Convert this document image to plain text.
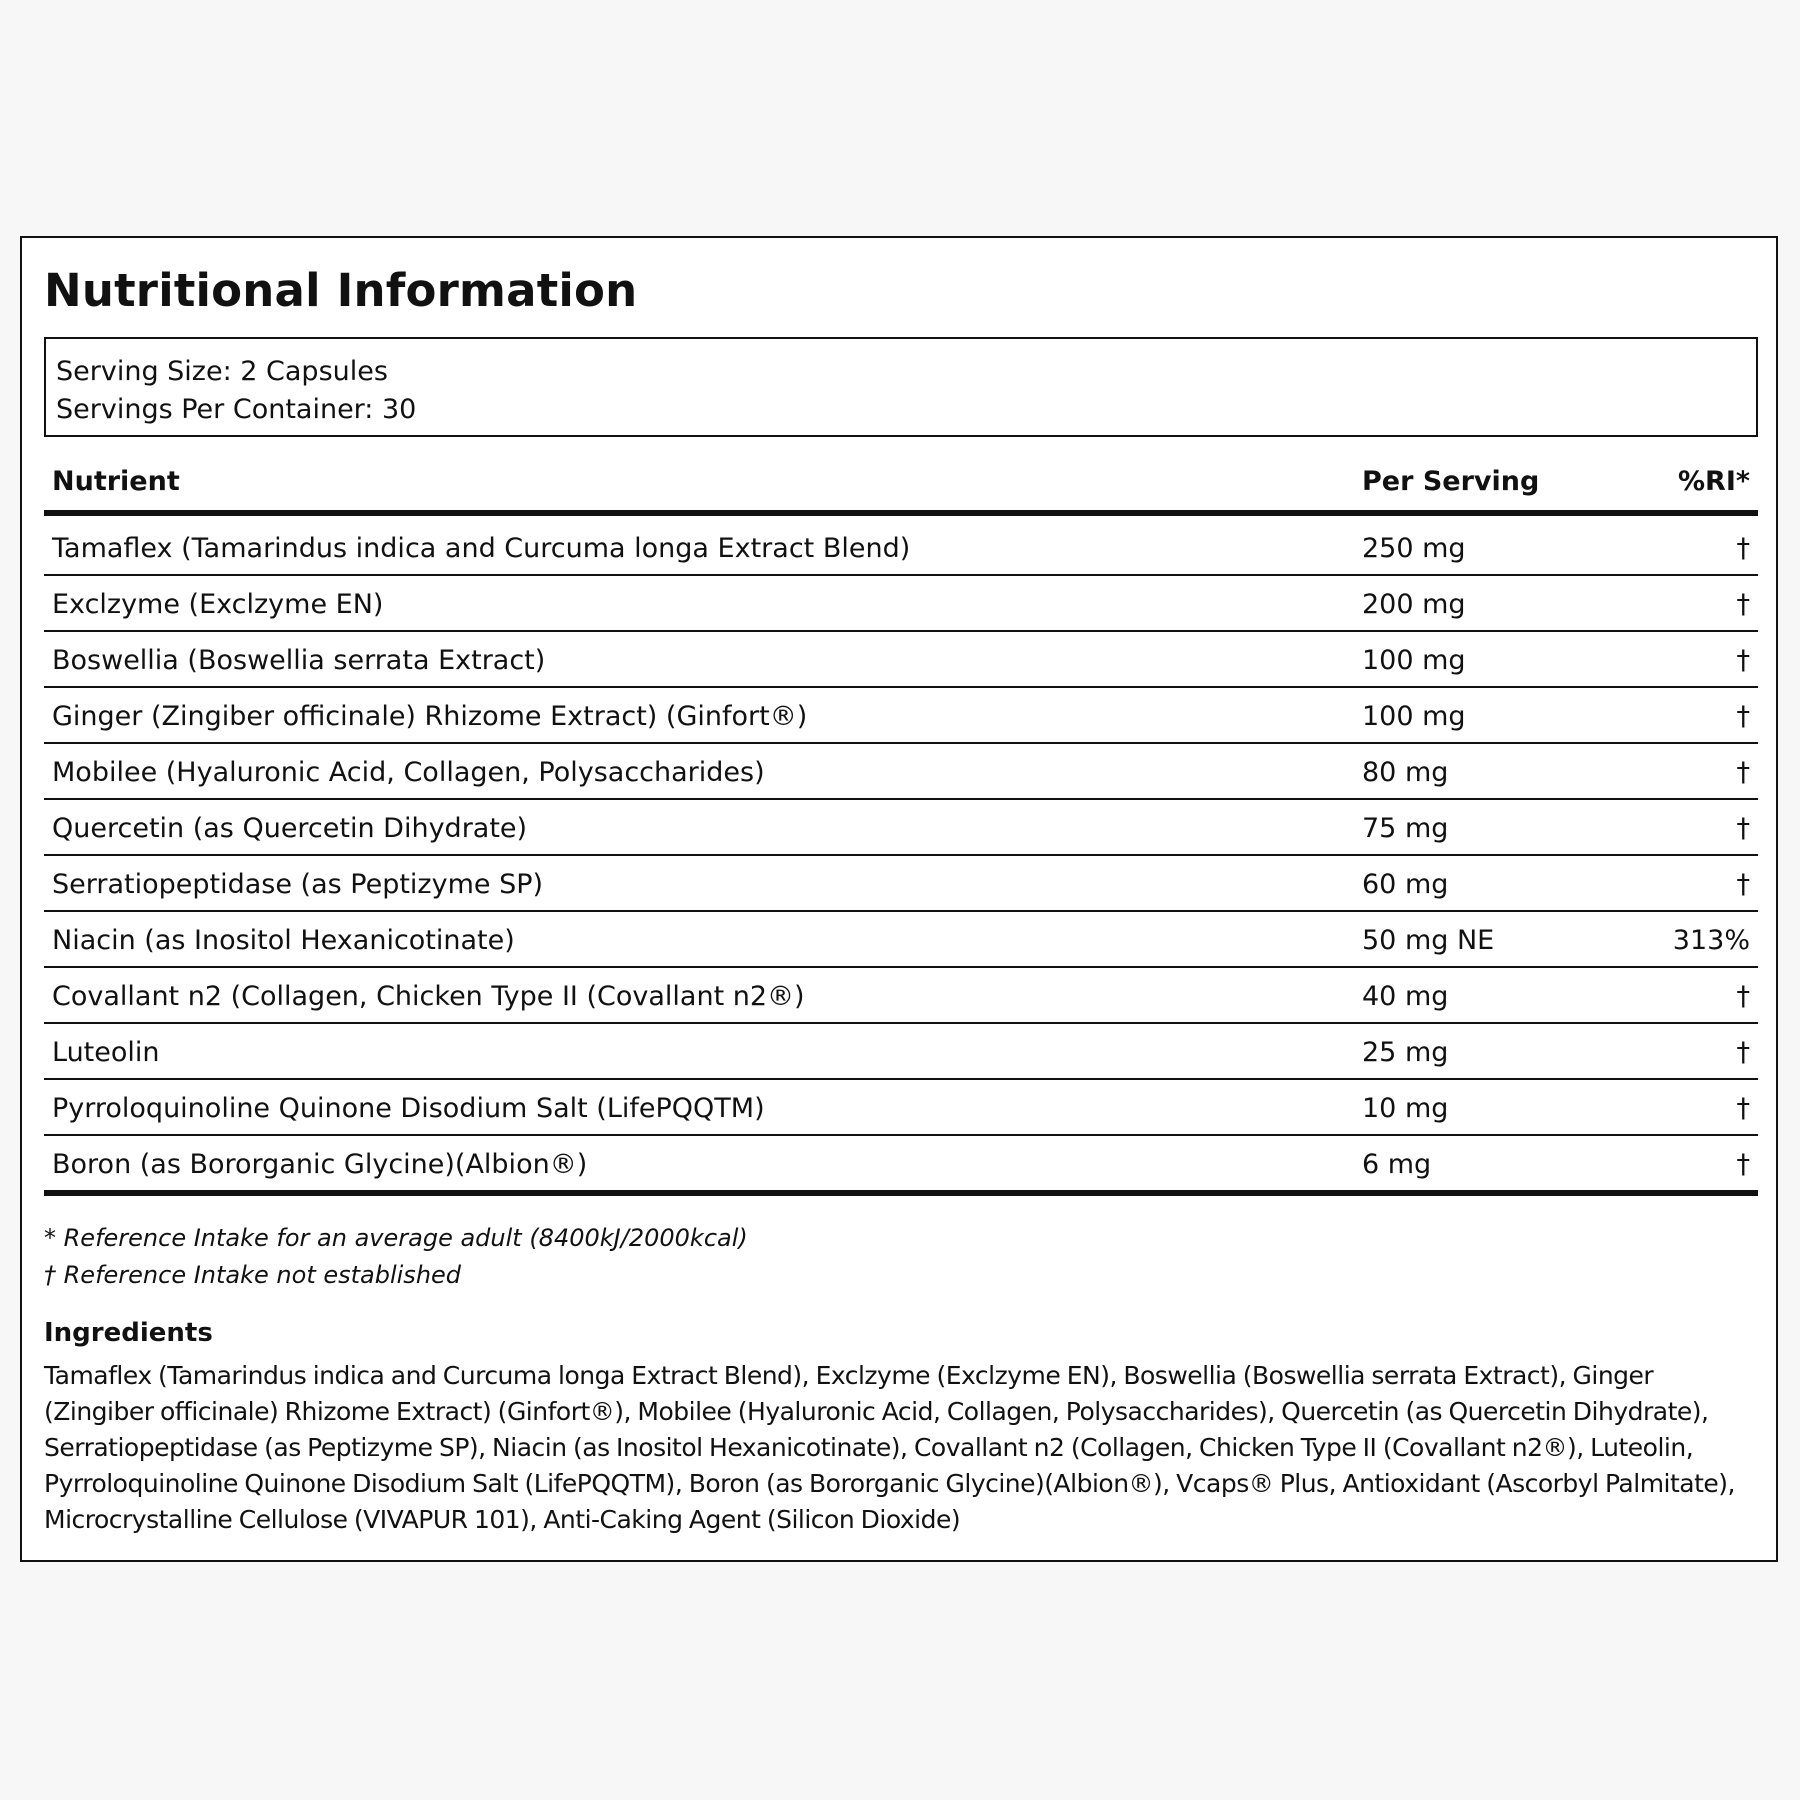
Nutritional Information
Serving Size: 2 Capsules
Servings Per Container: 30
Nutrient	Per Serving	%RI*
Tamaflex (Tamarindus indica and Curcuma longa Extract Blend)	250 mg	†
Exclzyme (Exclzyme EN)	200 mg	†
Boswellia (Boswellia serrata Extract)	100 mg	†
Ginger (Zingiber officinale) Rhizome Extract) (Ginfort®)	100 mg	†
Mobilee (Hyaluronic Acid, Collagen, Polysaccharides)	80 mg	†
Quercetin (as Quercetin Dihydrate)	75 mg	†
Serratiopeptidase (as Peptizyme SP)	60 mg	†
Niacin (as Inositol Hexanicotinate)	50 mg NE	313%
Covallant n2 (Collagen, Chicken Type II (Covallant n2®)	40 mg	†
Luteolin	25 mg	†
Pyrroloquinoline Quinone Disodium Salt (LifePQQTM)	10 mg	†
Boron (as Bororganic Glycine)(Albion®)	6 mg	†
* Reference Intake for an average adult (8400kJ/2000kcal)
† Reference Intake not established
Ingredients

Tamaflex (Tamarindus indica and Curcuma longa Extract Blend), Exclzyme (Exclzyme EN), Boswellia (Boswellia serrata Extract), Ginger (Zingiber officinale) Rhizome Extract) (Ginfort®), Mobilee (Hyaluronic Acid, Collagen, Polysaccharides), Quercetin (as Quercetin Dihydrate), Serratiopeptidase (as Peptizyme SP), Niacin (as Inositol Hexanicotinate), Covallant n2 (Collagen, Chicken Type II (Covallant n2®), Luteolin, Pyrroloquinoline Quinone Disodium Salt (LifePQQTM), Boron (as Bororganic Glycine)(Albion®), Vcaps® Plus, Antioxidant (Ascorbyl Palmitate), Microcrystalline Cellulose (VIVAPUR 101), Anti-Caking Agent (Silicon Dioxide)
